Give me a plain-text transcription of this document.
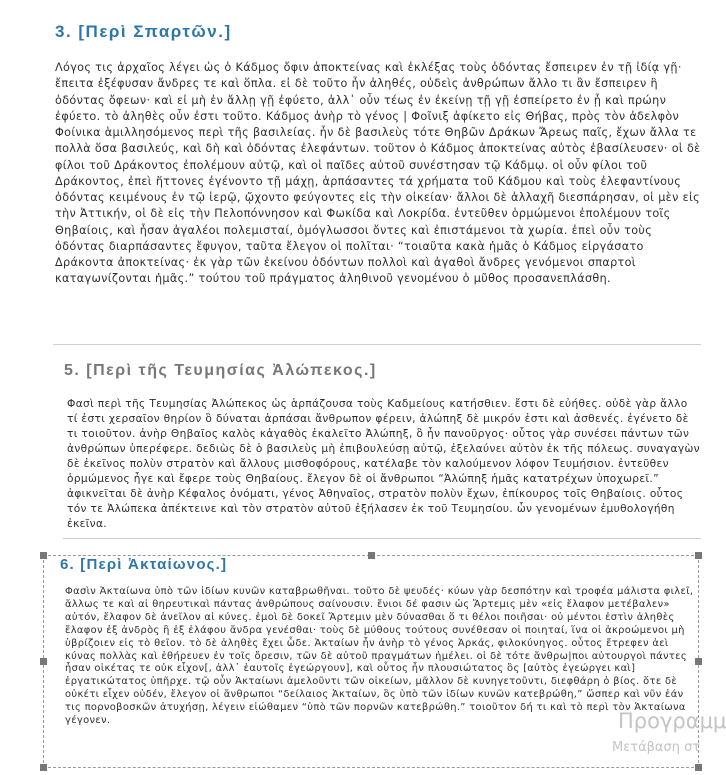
3. [Περὶ Σπαρτῶν.]

Λόγος τις ἀρχαῖος λέγει ὡς ὁ Κάδμος ὄφιν ἀποκτείνας καὶ ἐκλέξας τοὺς ὀδόντας ἔσπειρεν ἐν τῇ ἰδίᾳ γῇ· ἔπειτα ἐξέφυσαν ἄνδρες τε καὶ ὅπλα. εἰ δὲ τοῦτο ἦν ἀληθές, οὐδεὶς ἀνθρώπων ἄλλο τι ἂν ἔσπειρεν ἢ ὀδόντας ὄφεων· καὶ εἰ μὴ ἐν ἄλλῃ γῇ ἐφύετο, ἀλλ᾽ οὖν τέως ἐν ἐκείνῃ τῇ γῇ ἐσπείρετο ἐν ᾗ καὶ πρώην ἐφύετο. τὸ ἀληθὲς οὖν ἐστι τοῦτο. Κάδμος ἀνὴρ τὸ γένος | Φοῖνιξ ἀφίκετο εἰς Θήβας, πρὸς τὸν ἀδελφὸν Φοίνικα ἁμιλλησόμενος περὶ τῆς βασιλείας. ἦν δὲ βασιλεὺς τότε Θηβῶν Δράκων Ἄρεως παῖς, ἔχων ἄλλα τε πολλὰ ὅσα βασιλεύς, καὶ δὴ καὶ ὀδόντας ἐλεφάντων. τοῦτον ὁ Κάδμος ἀποκτείνας αὐτὸς ἐβασίλευσεν· οἱ δὲ φίλοι τοῦ Δράκοντος ἐπολέμουν αὐτῷ, καὶ οἱ παῖδες αὐτοῦ συνέστησαν τῷ Κάδμῳ. οἱ οὖν φίλοι τοῦ Δράκοντος, ἐπεὶ ἥττονες ἐγένοντο τῇ μάχῃ, ἁρπάσαντες τά χρήματα τοῦ Κάδμου καὶ τοὺς ἐλεφαντίνους ὀδόντας κειμένους ἐν τῷ ἱερῷ, ᾤχοντο φεύγοντες εἰς τὴν οἰκείαν· ἄλλοι δὲ ἀλλαχῆ διεσπάρησαν, οἱ μὲν εἰς τὴν Ἀττικήν, οἱ δὲ εἰς τὴν Πελοπόννησον καὶ Φωκίδα καὶ Λοκρίδα. ἐντεῦθεν ὁρμώμενοι ἐπολέμουν τοῖς Θηβαίοις, καὶ ἦσαν ἀγαλέοι πολεμισταί, ὁμόγλωσσοι ὄντες καὶ ἐπιστάμενοι τὰ χωρία. ἐπεὶ οὖν τοὺς ὀδόντας διαρπάσαντες ἔφυγον, ταῦτα ἔλεγον οἱ πολῖται· “τοιαῦτα κακὰ ἡμᾶς ὁ Κάδμος εἰργάσατο Δράκοντα ἀποκτείνας· ἐκ γὰρ τῶν ἐκείνου ὀδόντων πολλοὶ καὶ ἀγαθοὶ ἄνδρες γενόμενοι σπαρτοὶ καταγωνίζονται ἡμᾶς.” τούτου τοῦ πράγματος ἀληθινοῦ γενομένου ὁ μῦθος προσανεπλάσθη.

5. [Περὶ τῆς Τευμησίας Ἀλώπεκος.]

Φασὶ περὶ τῆς Τευμησίας Ἀλώπεκος ὡς ἁρπάζουσα τοὺς Καδμείους κατήσθιεν. ἔστι δὲ εὐήθες. οὐδὲ γὰρ ἄλλο τί ἐστι χερσαῖον θηρίον ὃ δύναται ἁρπάσαι ἄνθρωπον φέρειν, ἀλώπηξ δὲ μικρόν ἐστι καὶ ἀσθενές. ἐγένετο δὲ τι τοιοῦτον. ἀνὴρ Θηβαῖος καλὸς κἀγαθὸς ἐκαλεῖτο Ἀλώπηξ, ὃ ἦν πανοῦργος· οὗτος γὰρ συνέσει πάντων τῶν ἀνθρώπων ὑπερέφερε. δεδιὼς δὲ ὁ βασιλεὺς μὴ ἐπιβουλεύσῃ αὐτῷ, ἐξελαύνει αὐτὸν ἐκ τῆς πόλεως. συναγαγὼν δὲ ἐκεῖνος πολὺν στρατὸν καὶ ἄλλους μισθοφόρους, κατέλαβε τὸν καλούμενον λόφον Τευμήσιον. ἐντεῦθεν ὁρμώμενος ἦγε καὶ ἔφερε τοὺς Θηβαίους. ἔλεγον δὲ οἱ ἄνθρωποι “Ἀλώπηξ ἡμᾶς κατατρέχων ὑποχωρεῖ.” ἀφικνεῖται δὲ ἀνὴρ Κέφαλος ὀνόματι, γένος Ἀθηναῖος, στρατὸν πολὺν ἔχων, ἐπίκουρος τοῖς Θηβαίοις. οὗτος τόν τε Ἀλώπεκα ἀπέκτεινε καὶ τὸν στρατὸν αὐτοῦ ἐξήλασεν ἐκ τοῦ Τευμησίου. ὧν γενομένων ἐμυθολογήθη ἐκεῖνα.

6. [Περὶ Ἀκταίωνος.]

Φασὶν Ἀκταίωνα ὑπὸ τῶν ἰδίων κυνῶν καταβρωθῆναι. τοῦτο δὲ ψευδές· κύων γὰρ δεσπότην καὶ τροφέα μάλιστα φιλεῖ, ἄλλως τε καὶ αἱ θηρευτικαὶ πάντας ἀνθρώπους σαίνουσιν. ἔνιοι δέ φασιν ὡς Ἄρτεμις μὲν «εἰς ἔλαφον μετέβαλεν» αὐτόν, ἔλαφον δὲ ἀνεῖλον αἱ κύνες. ἐμοὶ δὲ δοκεῖ Ἄρτεμιν μὲν δύνασθαι ὅ τι θέλοι ποιῆσαι· οὐ μέντοι ἐστὶν ἀληθὲς ἔλαφον ἐξ ἀνδρὸς ἢ ἐξ ἐλάφου ἄνδρα γενέσθαι· τοὺς δὲ μύθους τούτους συνέθεσαν οἱ ποιηταί, ἵνα οἱ ἀκροώμενοι μὴ ὑβρίζοιεν εἰς τὸ θεῖον. τὸ δὲ ἀληθὲς ἔχει ὧδε. Ἀκταίων ἦν ἀνὴρ τὸ γένος Ἀρκάς, φιλοκύνηγος. οὗτος ἔτρεφεν ἀεὶ κύνας πολλὰς καὶ ἐθήρευεν ἐν τοῖς ὄρεσιν, τῶν δὲ αὐτοῦ πραγμάτων ἠμέλει. οἱ δὲ τότε ἄνθρω|ποι αὐτουργοὶ πάντες ἦσαν οἰκέτας τε οὐκ εἶχον[, ἀλλ᾽ ἑαυτοῖς ἐγεώργουν], καὶ οὗτος ἦν πλουσιώτατος ὃς [αὐτὸς ἐγεώργει καὶ] ἐργατικώτατος ὑπῆρχε. τῷ οὖν Ἀκταίωνι ἀμελοῦντι τῶν οἰκείων, μᾶλλον δὲ κυνηγετοῦντι, διεφθάρη ὁ βίος. ὅτε δὲ οὐκέτι εἶχεν οὐδέν, ἔλεγον οἱ ἄνθρωποι “δείλαιος Ἀκταίων, ὃς ὑπὸ τῶν ἰδίων κυνῶν κατεβρώθη,” ὥσπερ καὶ νῦν ἐάν τις πορνοβοσκῶν ἀτυχήσῃ, λέγειν εἰώθαμεν “ὑπὸ τῶν πορνῶν κατεβρώθη.” τοιοῦτον δή τι καὶ τὸ περὶ τὸν Ἀκταίωνα γέγονεν.	Προγραμμ
Μετάβαση στ
